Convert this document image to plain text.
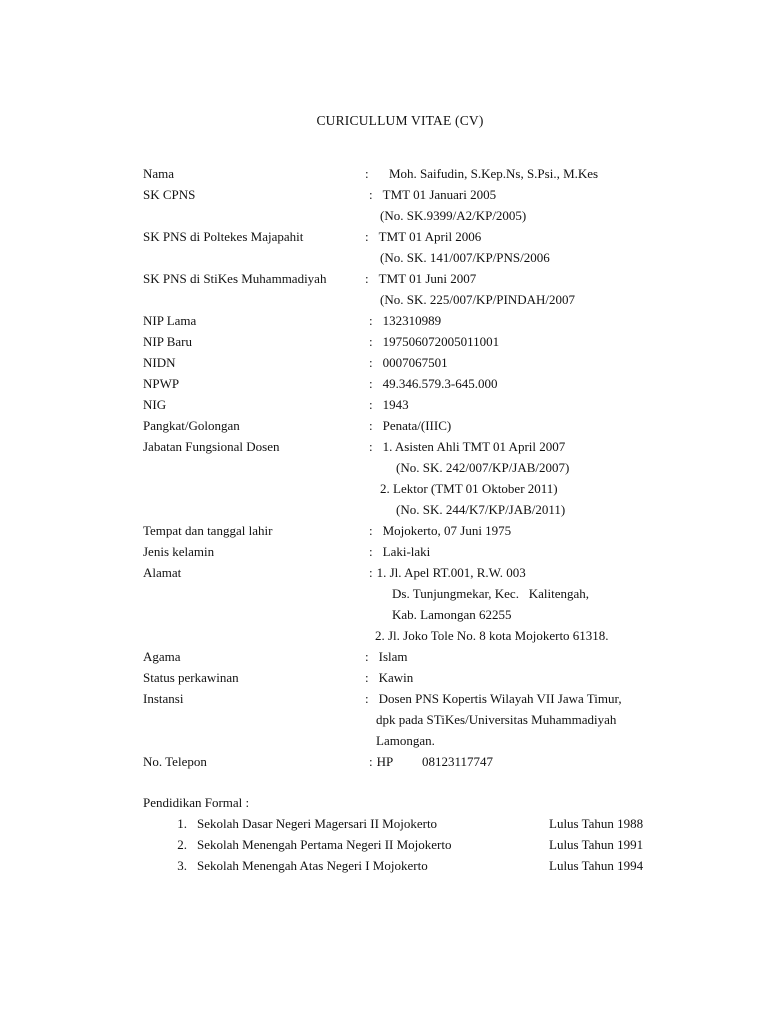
CURICULLUM VITAE (CV)
Nama	:	Moh. Saifudin, S.Kep.Ns, S.Psi., M.Kes
SK CPNS	: TMT 01 Januari 2005
(No. SK.9399/A2/KP/2005)
SK PNS di Poltekes Majapahit	: TMT 01 April 2006
(No. SK. 141/007/KP/PNS/2006
SK PNS di StiKes Muhammadiyah	: TMT 01 Juni 2007
(No. SK. 225/007/KP/PINDAH/2007
NIP Lama	: 132310989
NIP Baru	: 197506072005011001
NIDN	: 0007067501
NPWP	: 49.346.579.3-645.000
NIG	: 1943
Pangkat/Golongan	: Penata/(IIIC)
Jabatan Fungsional Dosen	: 1. Asisten Ahli TMT 01 April 2007
(No. SK. 242/007/KP/JAB/2007)
2. Lektor (TMT 01 Oktober 2011)
(No. SK. 244/K7/KP/JAB/2011)
Tempat dan tanggal lahir	: Mojokerto, 07 Juni 1975
Jenis kelamin	: Laki-laki
Alamat	: 1. Jl. Apel RT.001, R.W. 003
Ds. Tunjungmekar, Kec.   Kalitengah,
Kab. Lamongan 62255
2. Jl. Joko Tole No. 8 kota Mojokerto 61318.
Agama	: Islam
Status perkawinan	: Kawin
Instansi	: Dosen PNS Kopertis Wilayah VII Jawa Timur,
dpk pada STiKes/Universitas Muhammadiyah
Lamongan.
No. Telepon	: HP         08123117747
Pendidikan Formal :
1. Sekolah Dasar Negeri Magersari II Mojokerto	Lulus Tahun 1988
2. Sekolah Menengah Pertama Negeri II Mojokerto	Lulus Tahun 1991
3. Sekolah Menengah Atas Negeri I Mojokerto	Lulus Tahun 1994
